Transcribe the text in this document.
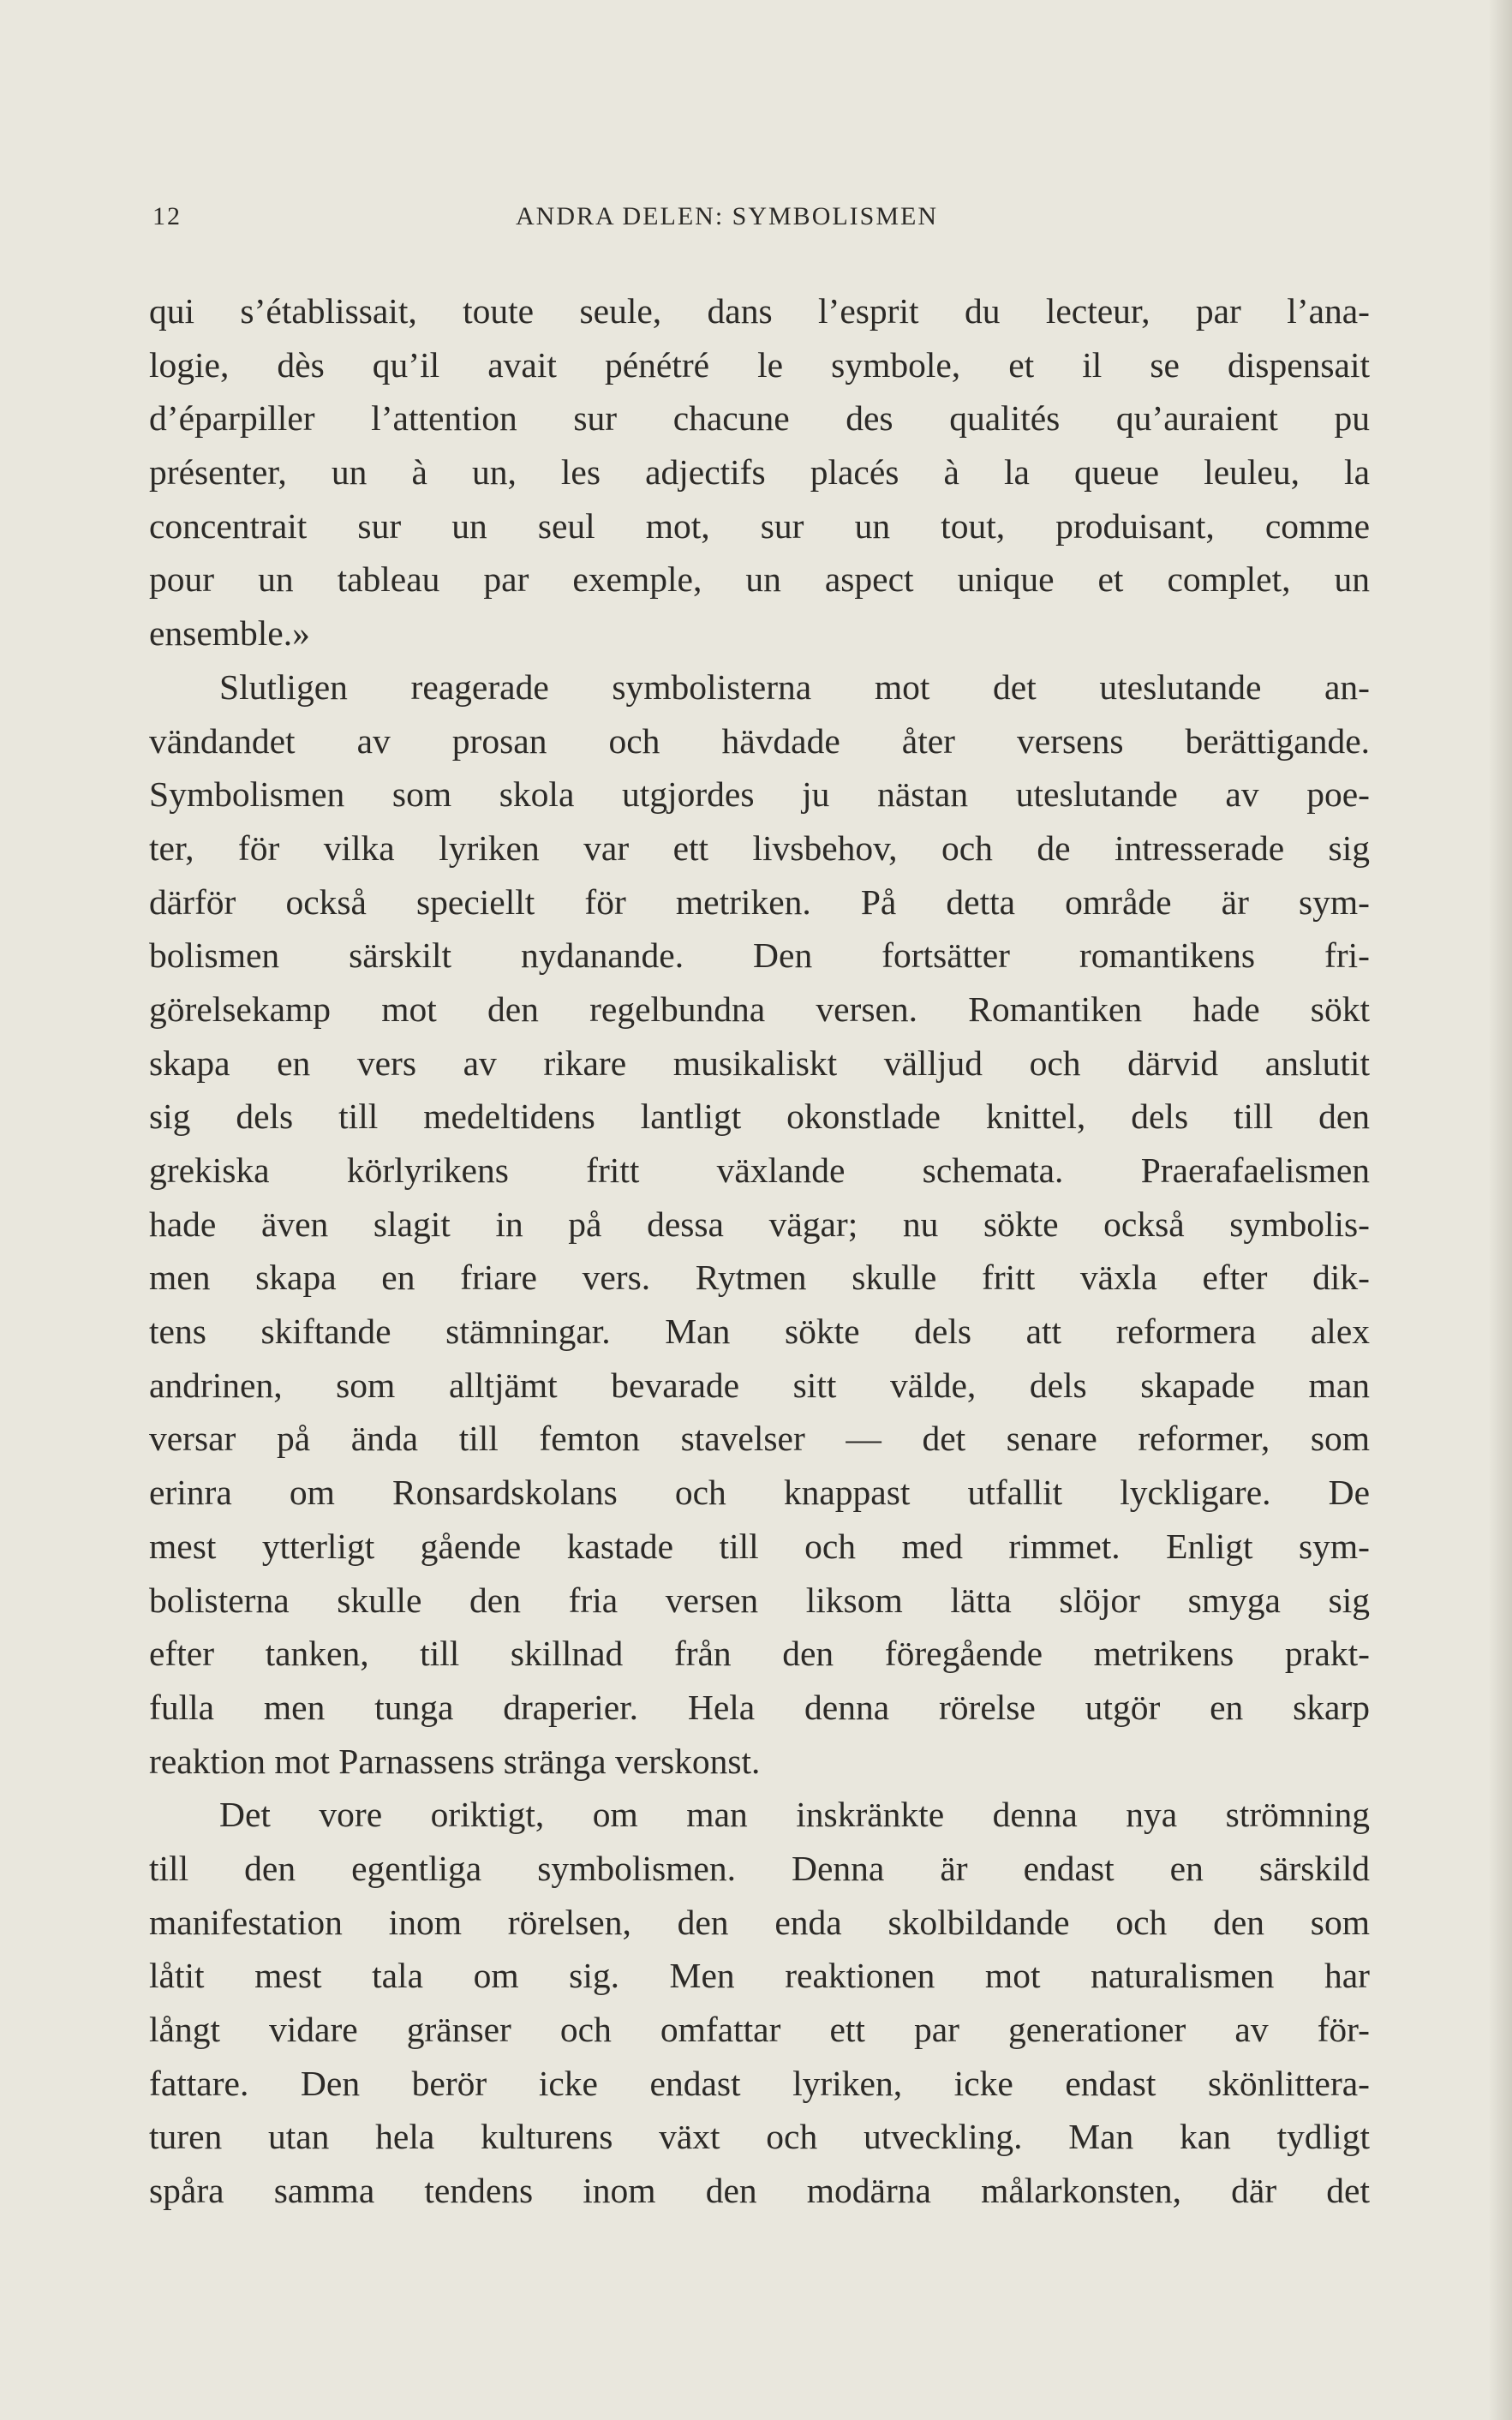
12	ANDRA DELEN: SYMBOLISMEN
qui s’établissait, toute seule, dans l’esprit du lecteur, par l’ana-
logie, dès qu’il avait pénétré le symbole, et il se dispensait
d’éparpiller l’attention sur chacune des qualités qu’auraient pu
présenter, un à un, les adjectifs placés à la queue leuleu, la
concentrait sur un seul mot, sur un tout, produisant, comme
pour un tableau par exemple, un aspect unique et complet, un
ensemble.»
Slutligen reagerade symbolisterna mot det uteslutande an-
vändandet av prosan och hävdade åter versens berättigande.
Symbolismen som skola utgjordes ju nästan uteslutande av poe-
ter, för vilka lyriken var ett livsbehov, och de intresserade sig
därför också speciellt för metriken. På detta område är sym-
bolismen särskilt nydanande. Den fortsätter romantikens fri-
görelsekamp mot den regelbundna versen. Romantiken hade sökt
skapa en vers av rikare musikaliskt välljud och därvid anslutit
sig dels till medeltidens lantligt okonstlade knittel, dels till den
grekiska körlyrikens fritt växlande schemata. Praerafaelismen
hade även slagit in på dessa vägar; nu sökte också symbolis-
men skapa en friare vers. Rytmen skulle fritt växla efter dik-
tens skiftande stämningar. Man sökte dels att reformera alex
andrinen, som alltjämt bevarade sitt välde, dels skapade man
versar på ända till femton stavelser — det senare reformer, som
erinra om Ronsardskolans och knappast utfallit lyckligare. De
mest ytterligt gående kastade till och med rimmet. Enligt sym-
bolisterna skulle den fria versen liksom lätta slöjor smyga sig
efter tanken, till skillnad från den föregående metrikens prakt-
fulla men tunga draperier. Hela denna rörelse utgör en skarp
reaktion mot Parnassens stränga verskonst.
Det vore oriktigt, om man inskränkte denna nya strömning
till den egentliga symbolismen. Denna är endast en särskild
manifestation inom rörelsen, den enda skolbildande och den som
låtit mest tala om sig. Men reaktionen mot naturalismen har
långt vidare gränser och omfattar ett par generationer av för-
fattare. Den berör icke endast lyriken, icke endast skönlittera-
turen utan hela kulturens växt och utveckling. Man kan tydligt
spåra samma tendens inom den modärna målarkonsten, där det
